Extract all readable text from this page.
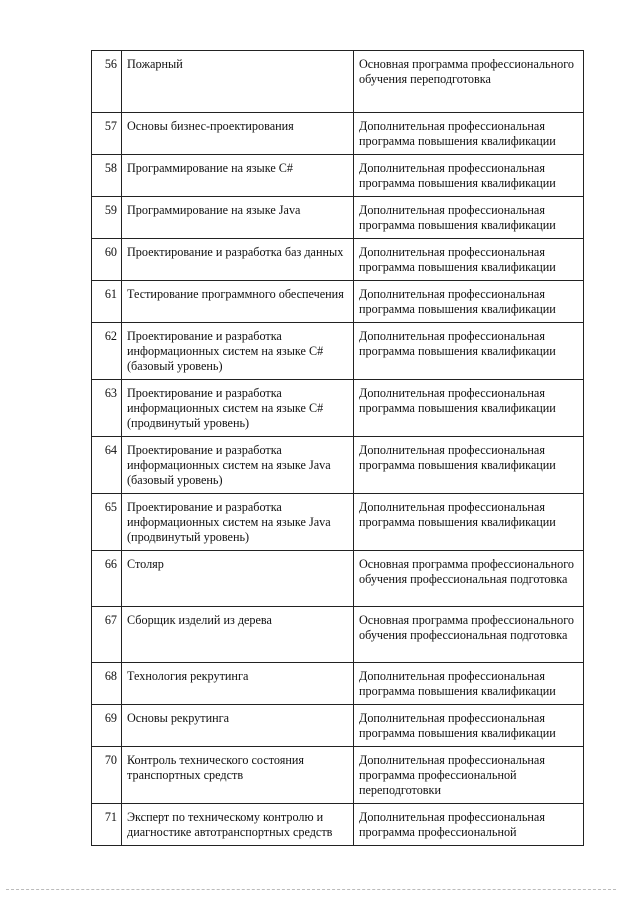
56	Пожарный	Основная программа профессионального обучения переподготовка
57	Основы бизнес-проектирования	Дополнительная профессиональная программа повышения квалификации
58	Программирование на языке С#	Дополнительная профессиональная программа повышения квалификации
59	Программирование на языке Java	Дополнительная профессиональная программа повышения квалификации
60	Проектирование и разработка баз данных	Дополнительная профессиональная программа повышения квалификации
61	Тестирование программного обеспечения	Дополнительная профессиональная программа повышения квалификации
62	Проектирование и разработка информационных систем на языке С# (базовый уровень)	Дополнительная профессиональная программа повышения квалификации
63	Проектирование и разработка информационных систем на языке С# (продвинутый уровень)	Дополнительная профессиональная программа повышения квалификации
64	Проектирование и разработка информационных систем на языке Java (базовый уровень)	Дополнительная профессиональная программа повышения квалификации
65	Проектирование и разработка информационных систем на языке Java (продвинутый уровень)	Дополнительная профессиональная программа повышения квалификации
66	Столяр	Основная программа профессионального обучения профессиональная подготовка
67	Сборщик изделий из дерева	Основная программа профессионального обучения профессиональная подготовка
68	Технология рекрутинга	Дополнительная профессиональная программа повышения квалификации
69	Основы рекрутинга	Дополнительная профессиональная программа повышения квалификации
70	Контроль технического состояния транспортных средств	Дополнительная профессиональная программа профессиональной переподготовки
71	Эксперт по техническому контролю и диагностике автотранспортных средств	Дополнительная профессиональная программа профессиональной
